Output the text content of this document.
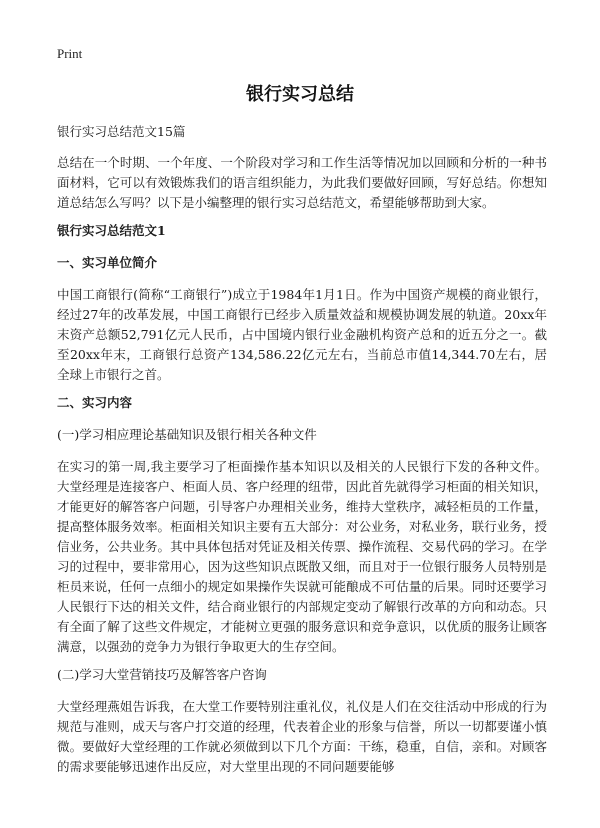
Print
银行实习总结

银行实习总结范文15篇

总结在一个时期、一个年度、一个阶段对学习和工作生活等情况加以回顾和分析的一种书面材料，它可以有效锻炼我们的语言组织能力，为此我们要做好回顾，写好总结。你想知道总结怎么写吗？以下是小编整理的银行实习总结范文，希望能够帮助到大家。

银行实习总结范文1

一、实习单位简介

中国工商银行(简称“工商银行”)成立于1984年1月1日。作为中国资产规模的商业银行，经过27年的改革发展，中国工商银行已经步入质量效益和规模协调发展的轨道。20xx年末资产总额52,791亿元人民币，占中国境内银行业金融机构资产总和的近五分之一。截至20xx年末，工商银行总资产134,586.22亿元左右，当前总市值14,344.70左右，居全球上市银行之首。

二、实习内容

(一)学习相应理论基础知识及银行相关各种文件

在实习的第一周,我主要学习了柜面操作基本知识以及相关的人民银行下发的各种文件。大堂经理是连接客户、柜面人员、客户经理的纽带，因此首先就得学习柜面的相关知识，才能更好的解答客户问题，引导客户办理相关业务，维持大堂秩序，减轻柜员的工作量，提高整体服务效率。柜面相关知识主要有五大部分：对公业务，对私业务，联行业务，授信业务，公共业务。其中具体包括对凭证及相关传票、操作流程、交易代码的学习。在学习的过程中，要非常用心，因为这些知识点既散又细，而且对于一位银行服务人员特别是柜员来说，任何一点细小的规定如果操作失误就可能酿成不可估量的后果。同时还要学习人民银行下达的相关文件，结合商业银行的内部规定变动了解银行改革的方向和动态。只有全面了解了这些文件规定，才能树立更强的服务意识和竞争意识，以优质的服务让顾客满意，以强劲的竞争力为银行争取更大的生存空间。

(二)学习大堂营销技巧及解答客户咨询

大堂经理燕姐告诉我，在大堂工作要特别注重礼仪，礼仪是人们在交往活动中形成的行为规范与准则，成天与客户打交道的经理，代表着企业的形象与信誉，所以一切都要谨小慎微。要做好大堂经理的工作就必须做到以下几个方面：干练，稳重，自信，亲和。对顾客的需求要能够迅速作出反应，对大堂里出现的不同问题要能够
